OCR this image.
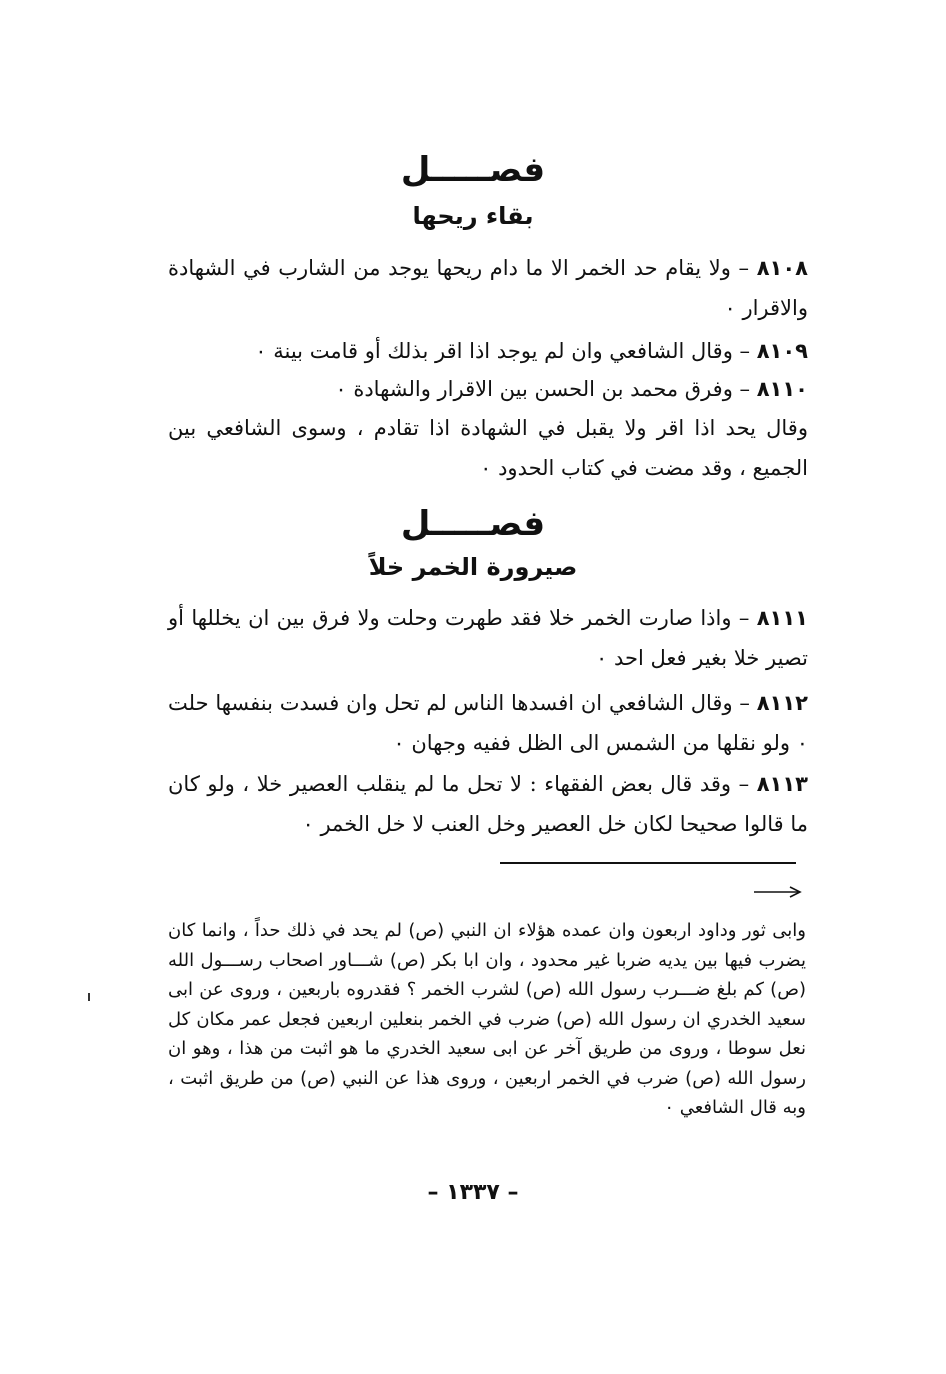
فصـــــل
بقاء ريحها
٨١٠٨ – ولا يقام حد الخمر الا ما دام ريحها يوجد من الشارب في الشهادة والاقرار ٠
٨١٠٩ – وقال الشافعي وان لم يوجد اذا اقر بذلك أو قامت بينة ٠
٨١١٠ – وفرق محمد بن الحسن بين الاقرار والشهادة ٠
وقال يحد اذا اقر ولا يقبل في الشهادة اذا تقادم ، وسوى الشافعي بين الجميع ، وقد مضت في كتاب الحدود ٠
فصـــــل
صيرورة الخمر خلاً
٨١١١ – واذا صارت الخمر خلا فقد طهرت وحلت ولا فرق بين ان يخللها أو تصير خلا بغير فعل احد ٠
٨١١٢ – وقال الشافعي ان افسدها الناس لم تحل وان فسدت بنفسها حلت ٠ ولو نقلها من الشمس الى الظل ففيه وجهان ٠
٨١١٣ – وقد قال بعض الفقهاء : لا تحل ما لم ينقلب العصير خلا ، ولو كان ما قالوا صحيحا لكان خل العصير وخل العنب لا خل الخمر ٠
وابى ثور وداود اربعون وان عمده هؤلاء ان النبي (ص) لم يحد في ذلك حداً ، وانما كان يضرب فيها بين يديه ضربا غير محدود ، وان ابا بكر (ص) شـــاور اصحاب رســـول الله (ص) كم بلغ ضـــرب رسول الله (ص) لشرب الخمر ؟ فقدروه باربعين ، وروى عن ابى سعيد الخدري ان رسول الله (ص) ضرب في الخمر بنعلين اربعين فجعل عمر مكان كل نعل سوطا ، وروى من طريق آخر عن ابى سعيد الخدري ما هو اثبت من هذا ، وهو ان رسول الله (ص) ضرب في الخمر اربعين ، وروى هذا عن النبي (ص) من طريق اثبت ، وبه قال الشافعي ٠
– ١٣٣٧ –
